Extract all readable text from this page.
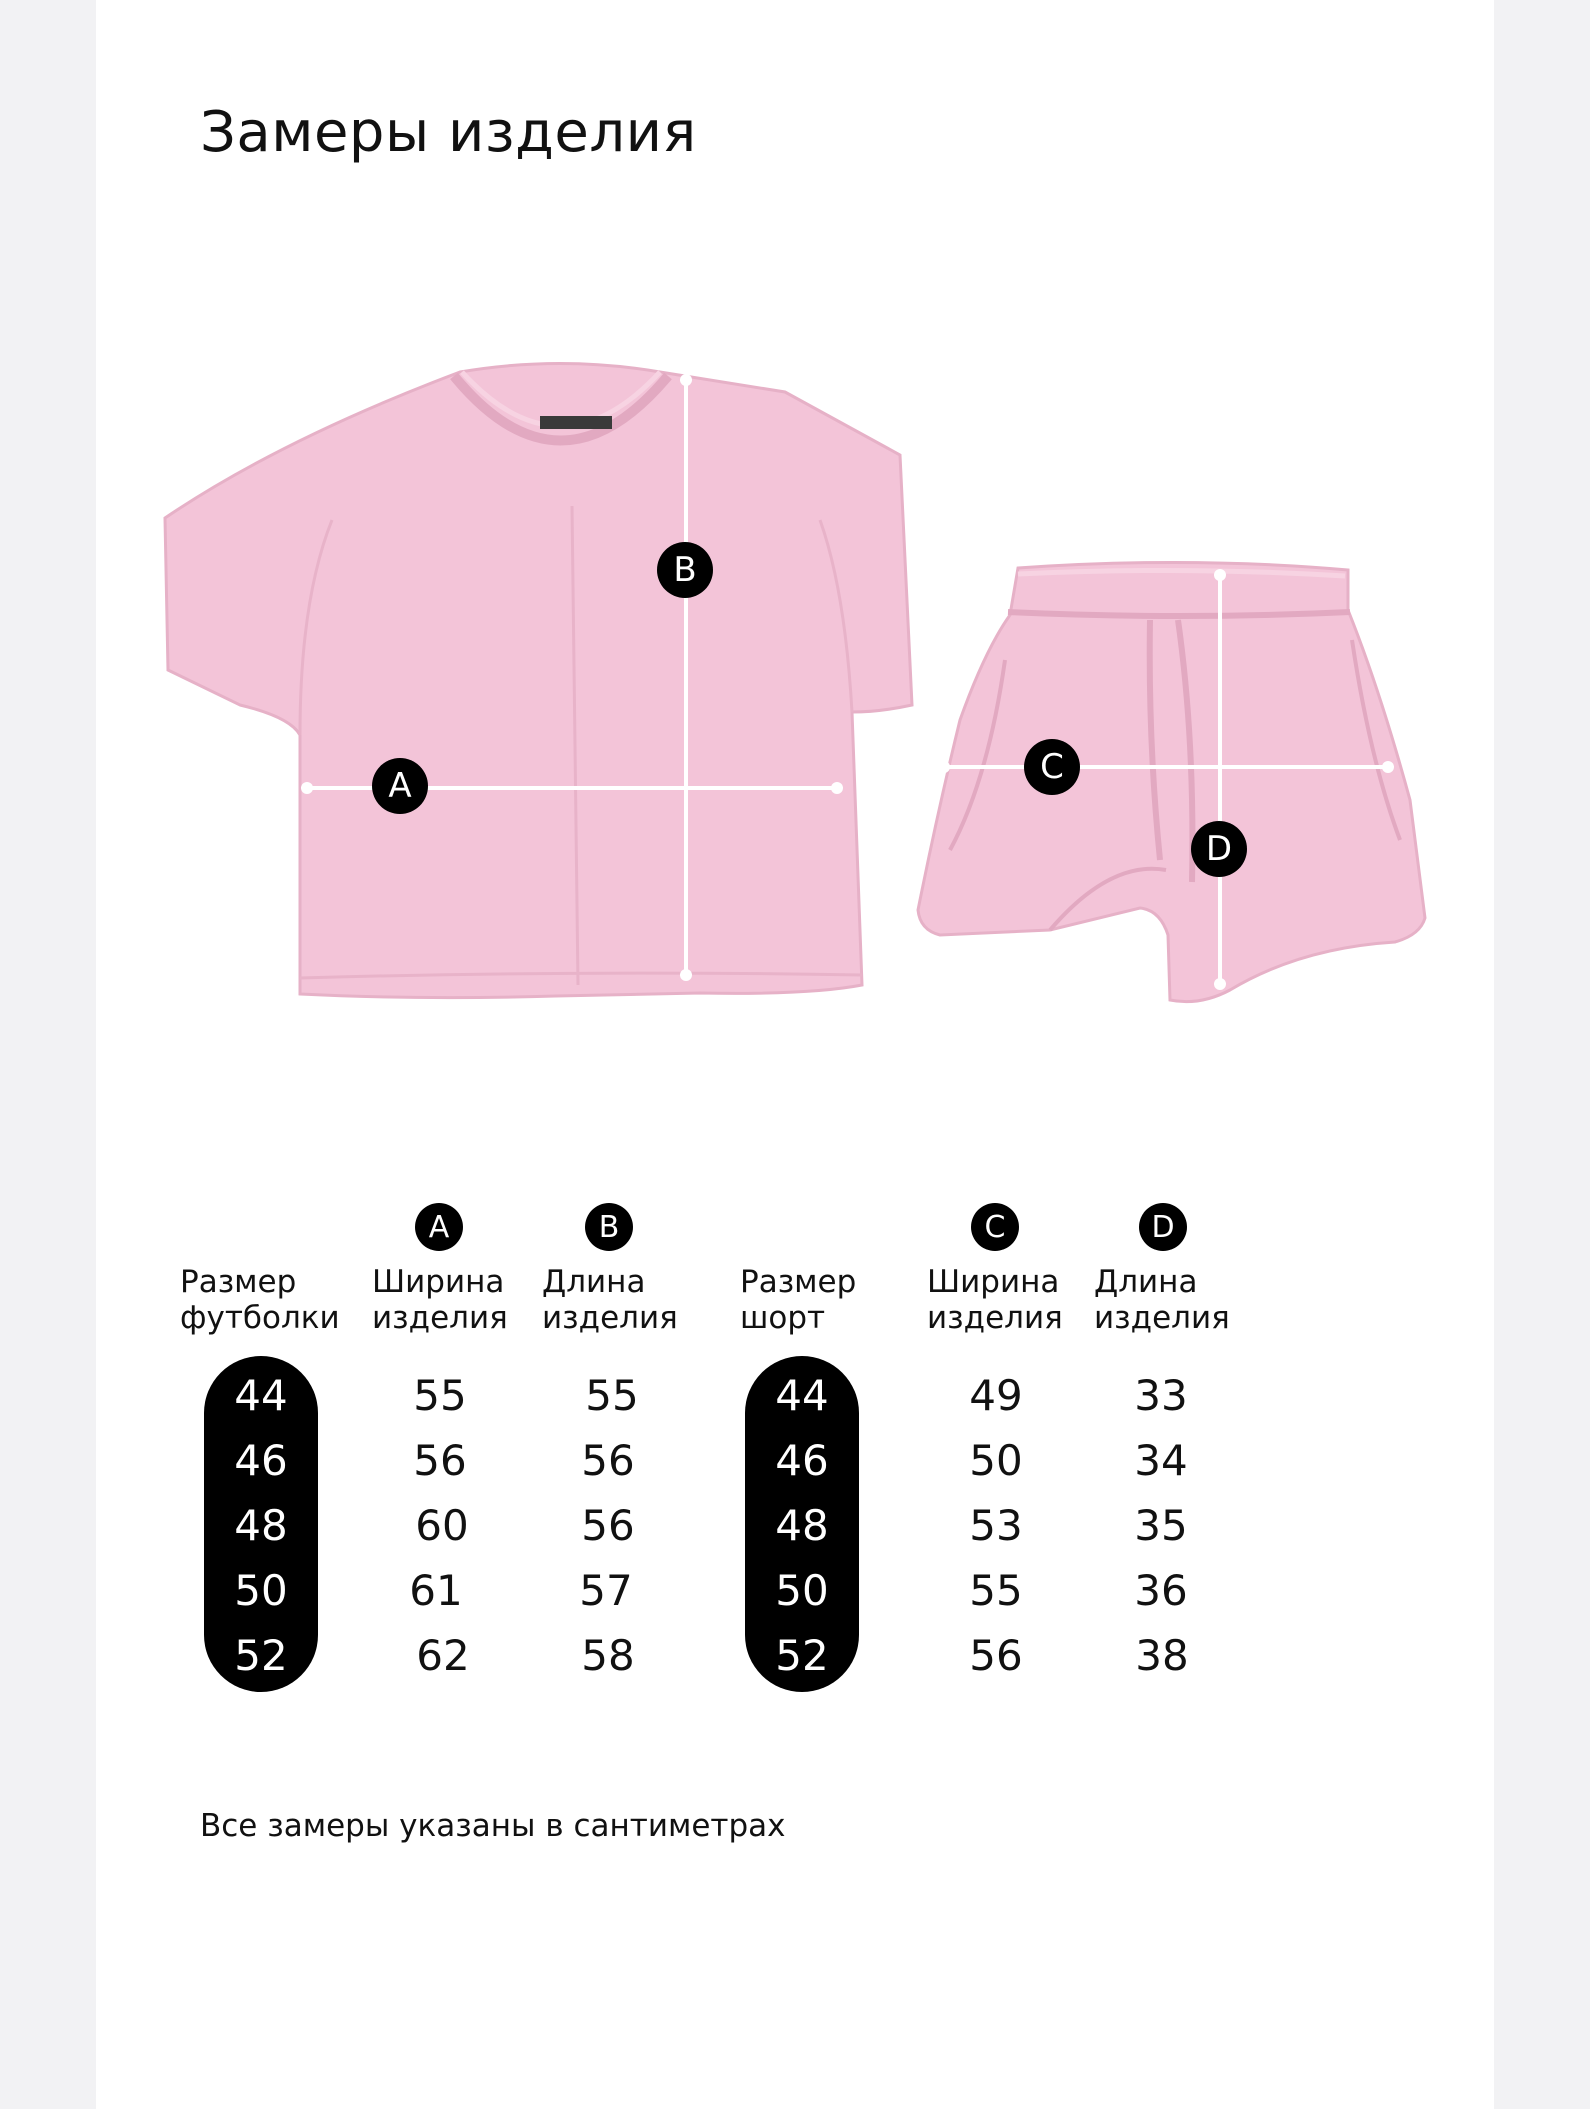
Замеры изделия
A
B
C
D
A	B
Размер
футболки
Ширина
изделия
Длина
изделия
44
46
48
50
52
55
56
60
61
62
55
56
56
57
58
C	D
Размер
шорт
Ширина
изделия
Длина
изделия
44
46
48
50
52
49
50
53
55
56
33
34
35
36
38
Все замеры указаны в сантиметрах
